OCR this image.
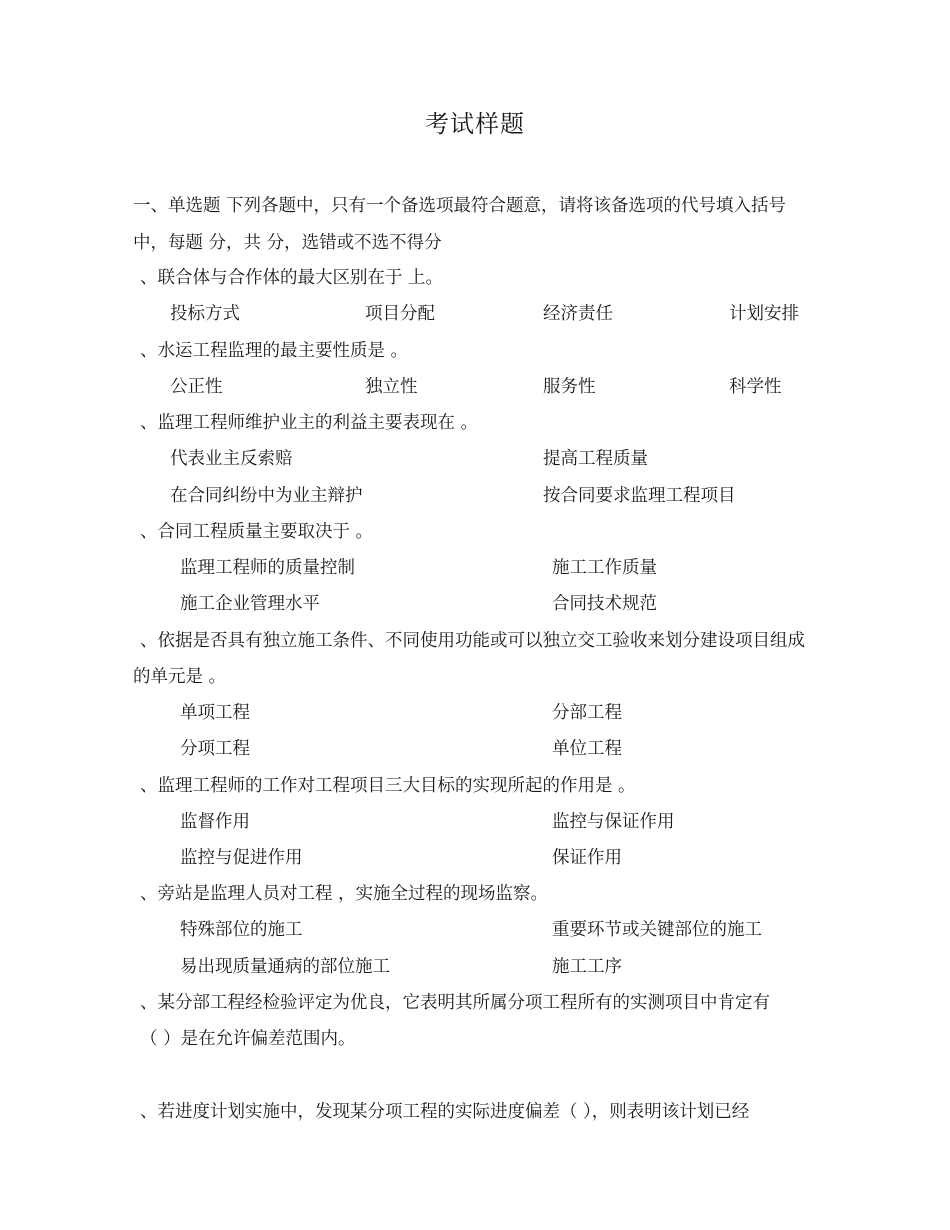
考试样题
一、单选题 下列各题中，只有一个备选项最符合题意，请将该备选项的代号填入括号
中，每题 分，共 分，选错或不选不得分
、联合体与合作体的最大区别在于 上。
投标方式	项目分配	经济责任	计划安排
、水运工程监理的最主要性质是 。
公正性	独立性	服务性	科学性
、监理工程师维护业主的利益主要表现在 。
代表业主反索赔	提高工程质量
在合同纠纷中为业主辩护	按合同要求监理工程项目
、合同工程质量主要取决于 。
监理工程师的质量控制	施工工作质量
施工企业管理水平	合同技术规范
、依据是否具有独立施工条件、不同使用功能或可以独立交工验收来划分建设项目组成
的单元是 。
单项工程	分部工程
分项工程	单位工程
、监理工程师的工作对工程项目三大目标的实现所起的作用是 。
监督作用	监控与保证作用
监控与促进作用	保证作用
、旁站是监理人员对工程 ，实施全过程的现场监察。
特殊部位的施工	重要环节或关键部位的施工
易出现质量通病的部位施工	施工工序
、某分部工程经检验评定为优良，它表明其所属分项工程所有的实测项目中肯定有
（ ）是在允许偏差范围内。
、若进度计划实施中，发现某分项工程的实际进度偏差（ ），则表明该计划已经
